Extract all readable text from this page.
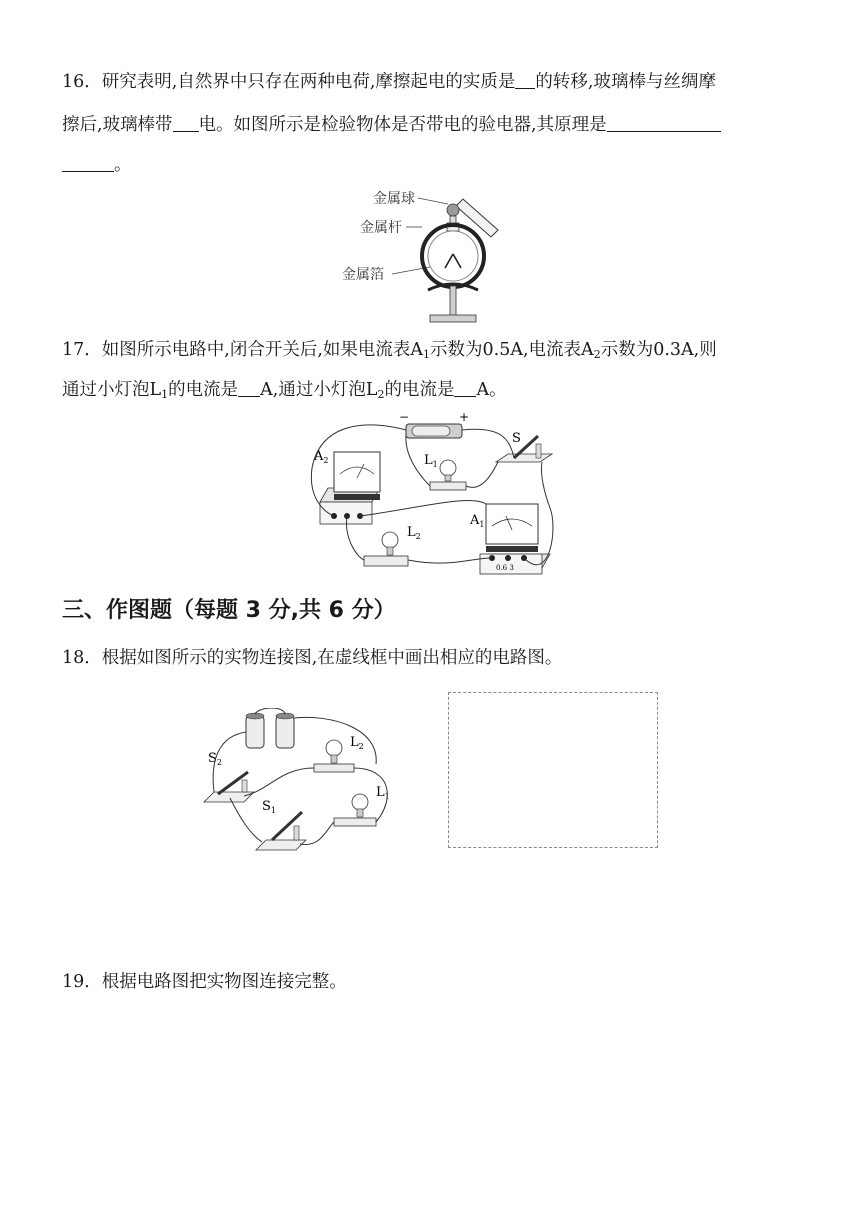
16．研究表明,自然界中只存在两种电荷,摩擦起电的实质是 的转移,玻璃棒与丝绸摩
擦后,玻璃棒带 电。如图所示是检验物体是否带电的验电器,其原理是
。
金属球
金属杆
金属箔
17．如图所示电路中,闭合开关后,如果电流表$A_1$示数为0.5A,电流表$A_2$示数为0.3A,则
通过小灯泡$L_1$的电流是 A,通过小灯泡$L_2$的电流是 A。
−	+
S
$A_2$	$L_1$
$L_2$
0.6 3
$A_1$
三、作图题（每题 3 分,共 6 分）
18．根据如图所示的实物连接图,在虚线框中画出相应的电路图。
$S_2$
$S_1$
$L_2$
$L_1$
19．根据电路图把实物图连接完整。
